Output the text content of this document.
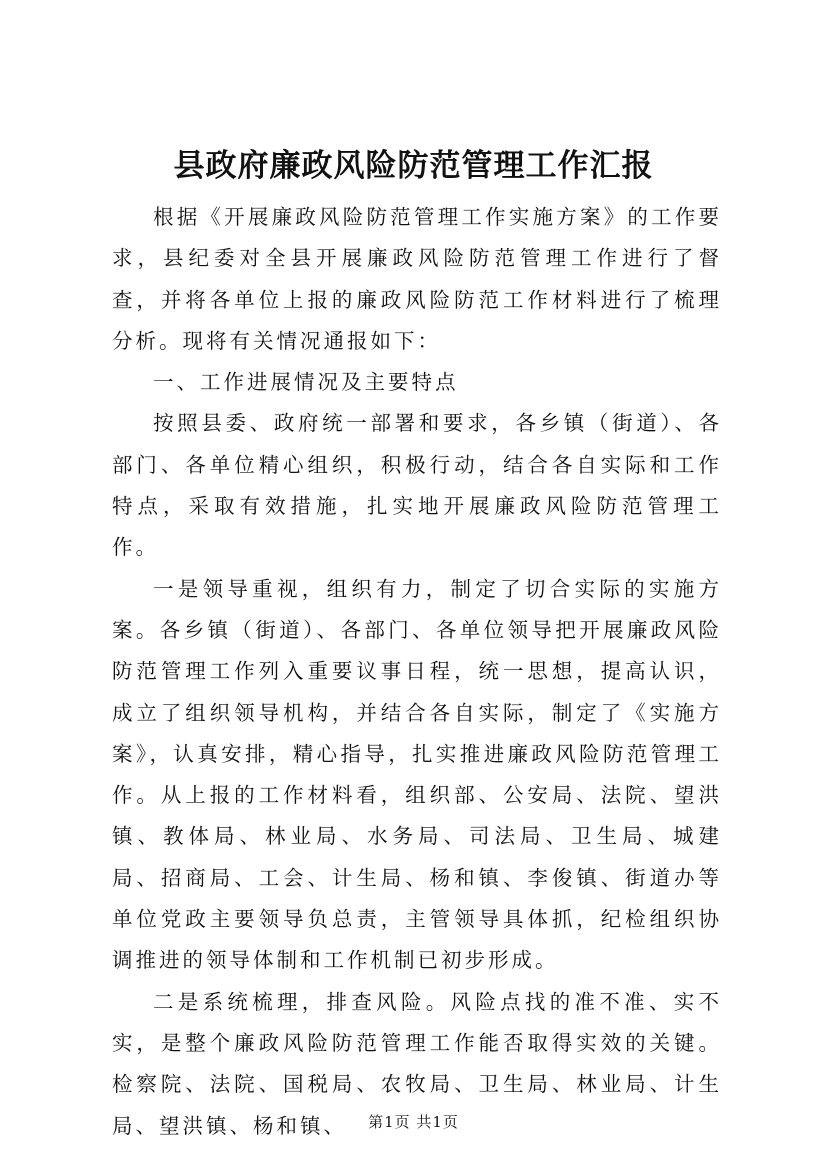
县政府廉政风险防范管理工作汇报

根据《开展廉政风险防范管理工作实施方案》的工作要求，县纪委对全县开展廉政风险防范管理工作进行了督查，并将各单位上报的廉政风险防范工作材料进行了梳理分析。现将有关情况通报如下：

一、工作进展情况及主要特点

按照县委、政府统一部署和要求，各乡镇（街道）、各部门、各单位精心组织，积极行动，结合各自实际和工作特点，采取有效措施，扎实地开展廉政风险防范管理工作。

一是领导重视，组织有力，制定了切合实际的实施方案。各乡镇（街道）、各部门、各单位领导把开展廉政风险防范管理工作列入重要议事日程，统一思想，提高认识，成立了组织领导机构，并结合各自实际，制定了《实施方案》，认真安排，精心指导，扎实推进廉政风险防范管理工作。从上报的工作材料看，组织部、公安局、法院、望洪镇、教体局、林业局、水务局、司法局、卫生局、城建局、招商局、工会、计生局、杨和镇、李俊镇、街道办等单位党政主要领导负总责，主管领导具体抓，纪检组织协调推进的领导体制和工作机制已初步形成。

二是系统梳理，排查风险。风险点找的准不准、实不实，是整个廉政风险防范管理工作能否取得实效的关键。检察院、法院、国税局、农牧局、卫生局、林业局、计生局、望洪镇、杨和镇、	第1页 共1页
